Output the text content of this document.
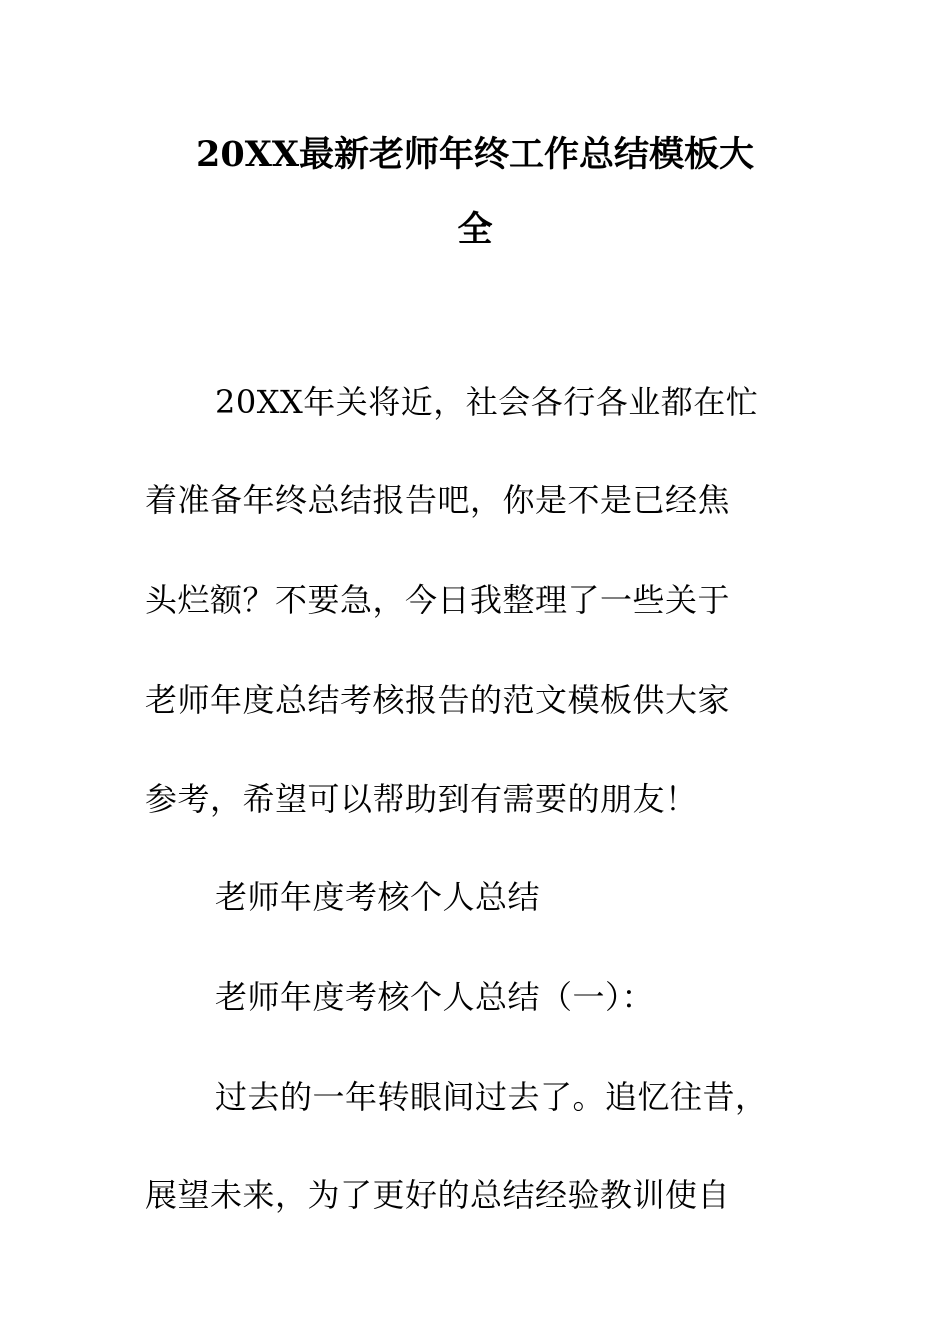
20XX最新老师年终工作总结模板大
全
20XX年关将近，社会各行各业都在忙
着准备年终总结报告吧，你是不是已经焦
头烂额？不要急，今日我整理了一些关于
老师年度总结考核报告的范文模板供大家
参考，希望可以帮助到有需要的朋友！
老师年度考核个人总结
老师年度考核个人总结（一）：
过去的一年转眼间过去了。追忆往昔，
展望未来，为了更好的总结经验教训使自
